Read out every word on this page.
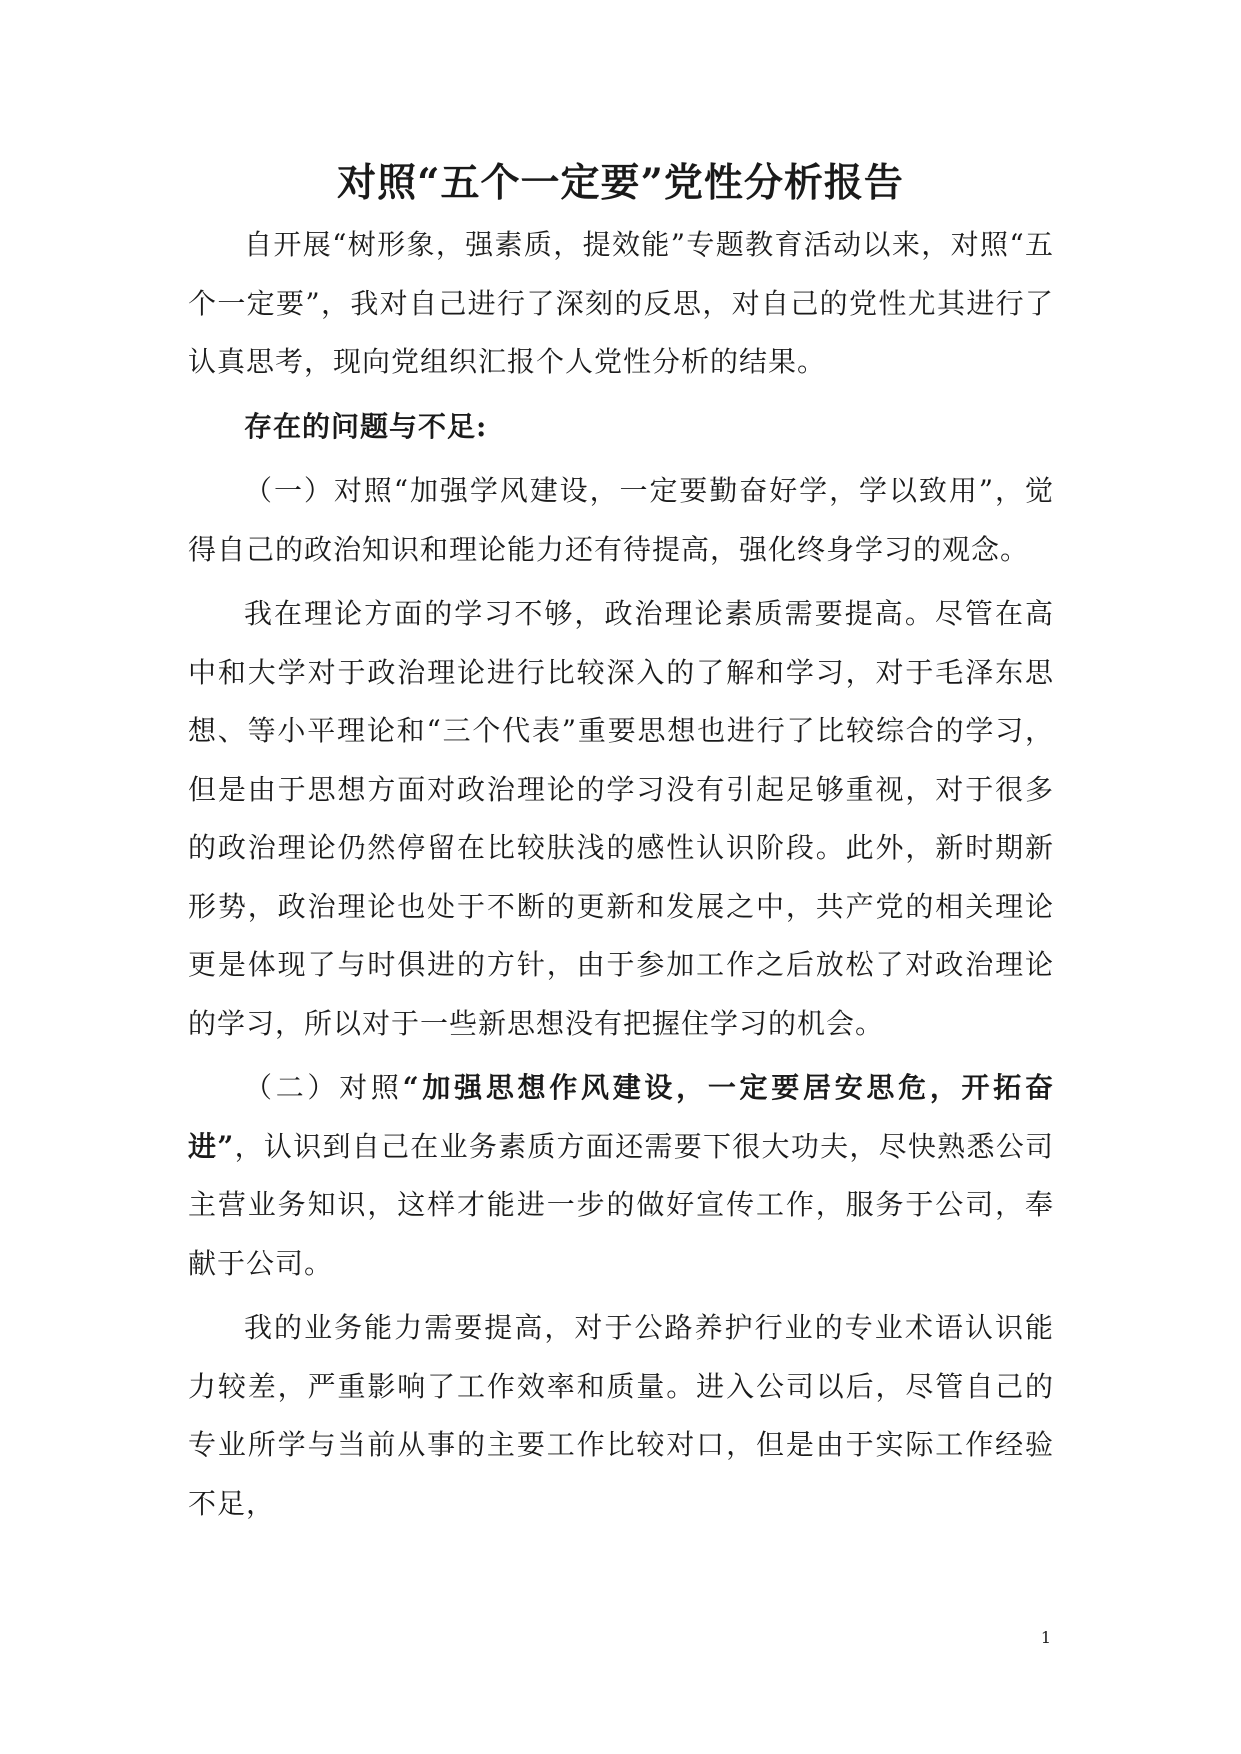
对照“五个一定要”党性分析报告

自开展“树形象，强素质，提效能”专题教育活动以来，对照“五个一定要”，我对自己进行了深刻的反思，对自己的党性尤其进行了认真思考，现向党组织汇报个人党性分析的结果。

存在的问题与不足:

（一）对照“加强学风建设，一定要勤奋好学，学以致用”，觉得自己的政治知识和理论能力还有待提高，强化终身学习的观念。

我在理论方面的学习不够，政治理论素质需要提高。尽管在高中和大学对于政治理论进行比较深入的了解和学习，对于毛泽东思想、等小平理论和“三个代表”重要思想也进行了比较综合的学习，但是由于思想方面对政治理论的学习没有引起足够重视，对于很多的政治理论仍然停留在比较肤浅的感性认识阶段。此外，新时期新形势，政治理论也处于不断的更新和发展之中，共产党的相关理论更是体现了与时俱进的方针，由于参加工作之后放松了对政治理论的学习，所以对于一些新思想没有把握住学习的机会。

（二）对照“加强思想作风建设，一定要居安思危，开拓奋进”，认识到自己在业务素质方面还需要下很大功夫，尽快熟悉公司主营业务知识，这样才能进一步的做好宣传工作，服务于公司，奉献于公司。

我的业务能力需要提高，对于公路养护行业的专业术语认识能力较差，严重影响了工作效率和质量。进入公司以后，尽管自己的专业所学与当前从事的主要工作比较对口，但是由于实际工作经验不足，

1
